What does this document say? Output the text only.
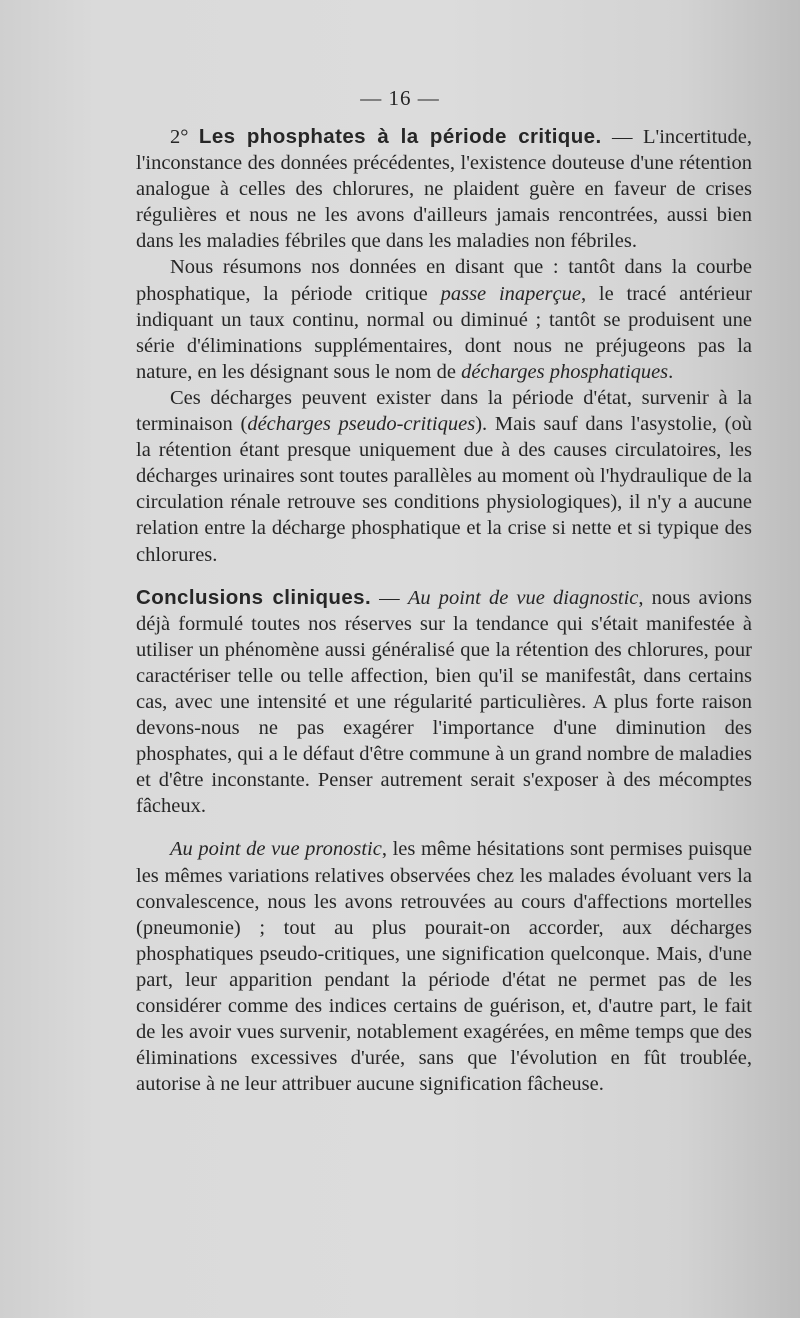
— 16 —

2° Les phosphates à la période critique. — L'incertitude, l'inconstance des données précédentes, l'existence douteuse d'une rétention analogue à celles des chlorures, ne plaident guère en faveur de crises régulières et nous ne les avons d'ailleurs jamais rencontrées, aussi bien dans les maladies fébriles que dans les maladies non fébriles.

Nous résumons nos données en disant que : tantôt dans la courbe phosphatique, la période critique passe inaperçue, le tracé antérieur indiquant un taux continu, normal ou diminué ; tantôt se produisent une série d'éliminations supplémentaires, dont nous ne préjugeons pas la nature, en les désignant sous le nom de décharges phosphatiques.

Ces décharges peuvent exister dans la période d'état, survenir à la terminaison (décharges pseudo-critiques). Mais sauf dans l'asystolie, (où la rétention étant presque uniquement due à des causes circulatoires, les décharges urinaires sont toutes parallèles au moment où l'hydraulique de la circulation rénale retrouve ses conditions physiologiques), il n'y a aucune relation entre la décharge phosphatique et la crise si nette et si typique des chlorures.

Conclusions cliniques. — Au point de vue diagnostic, nous avions déjà formulé toutes nos réserves sur la tendance qui s'était manifestée à utiliser un phénomène aussi généralisé que la rétention des chlorures, pour caractériser telle ou telle affection, bien qu'il se manifestât, dans certains cas, avec une intensité et une régularité particulières. A plus forte raison devons-nous ne pas exagérer l'importance d'une diminution des phosphates, qui a le défaut d'être commune à un grand nombre de maladies et d'être inconstante. Penser autrement serait s'exposer à des mécomptes fâcheux.

Au point de vue pronostic, les même hésitations sont permises puisque les mêmes variations relatives observées chez les malades évoluant vers la convalescence, nous les avons retrouvées au cours d'affections mortelles (pneumonie) ; tout au plus pourait-on accorder, aux décharges phosphatiques pseudo-critiques, une signification quelconque. Mais, d'une part, leur apparition pendant la période d'état ne permet pas de les considérer comme des indices certains de guérison, et, d'autre part, le fait de les avoir vues survenir, notablement exagérées, en même temps que des éliminations excessives d'urée, sans que l'évolution en fût troublée, autorise à ne leur attribuer aucune signification fâcheuse.
